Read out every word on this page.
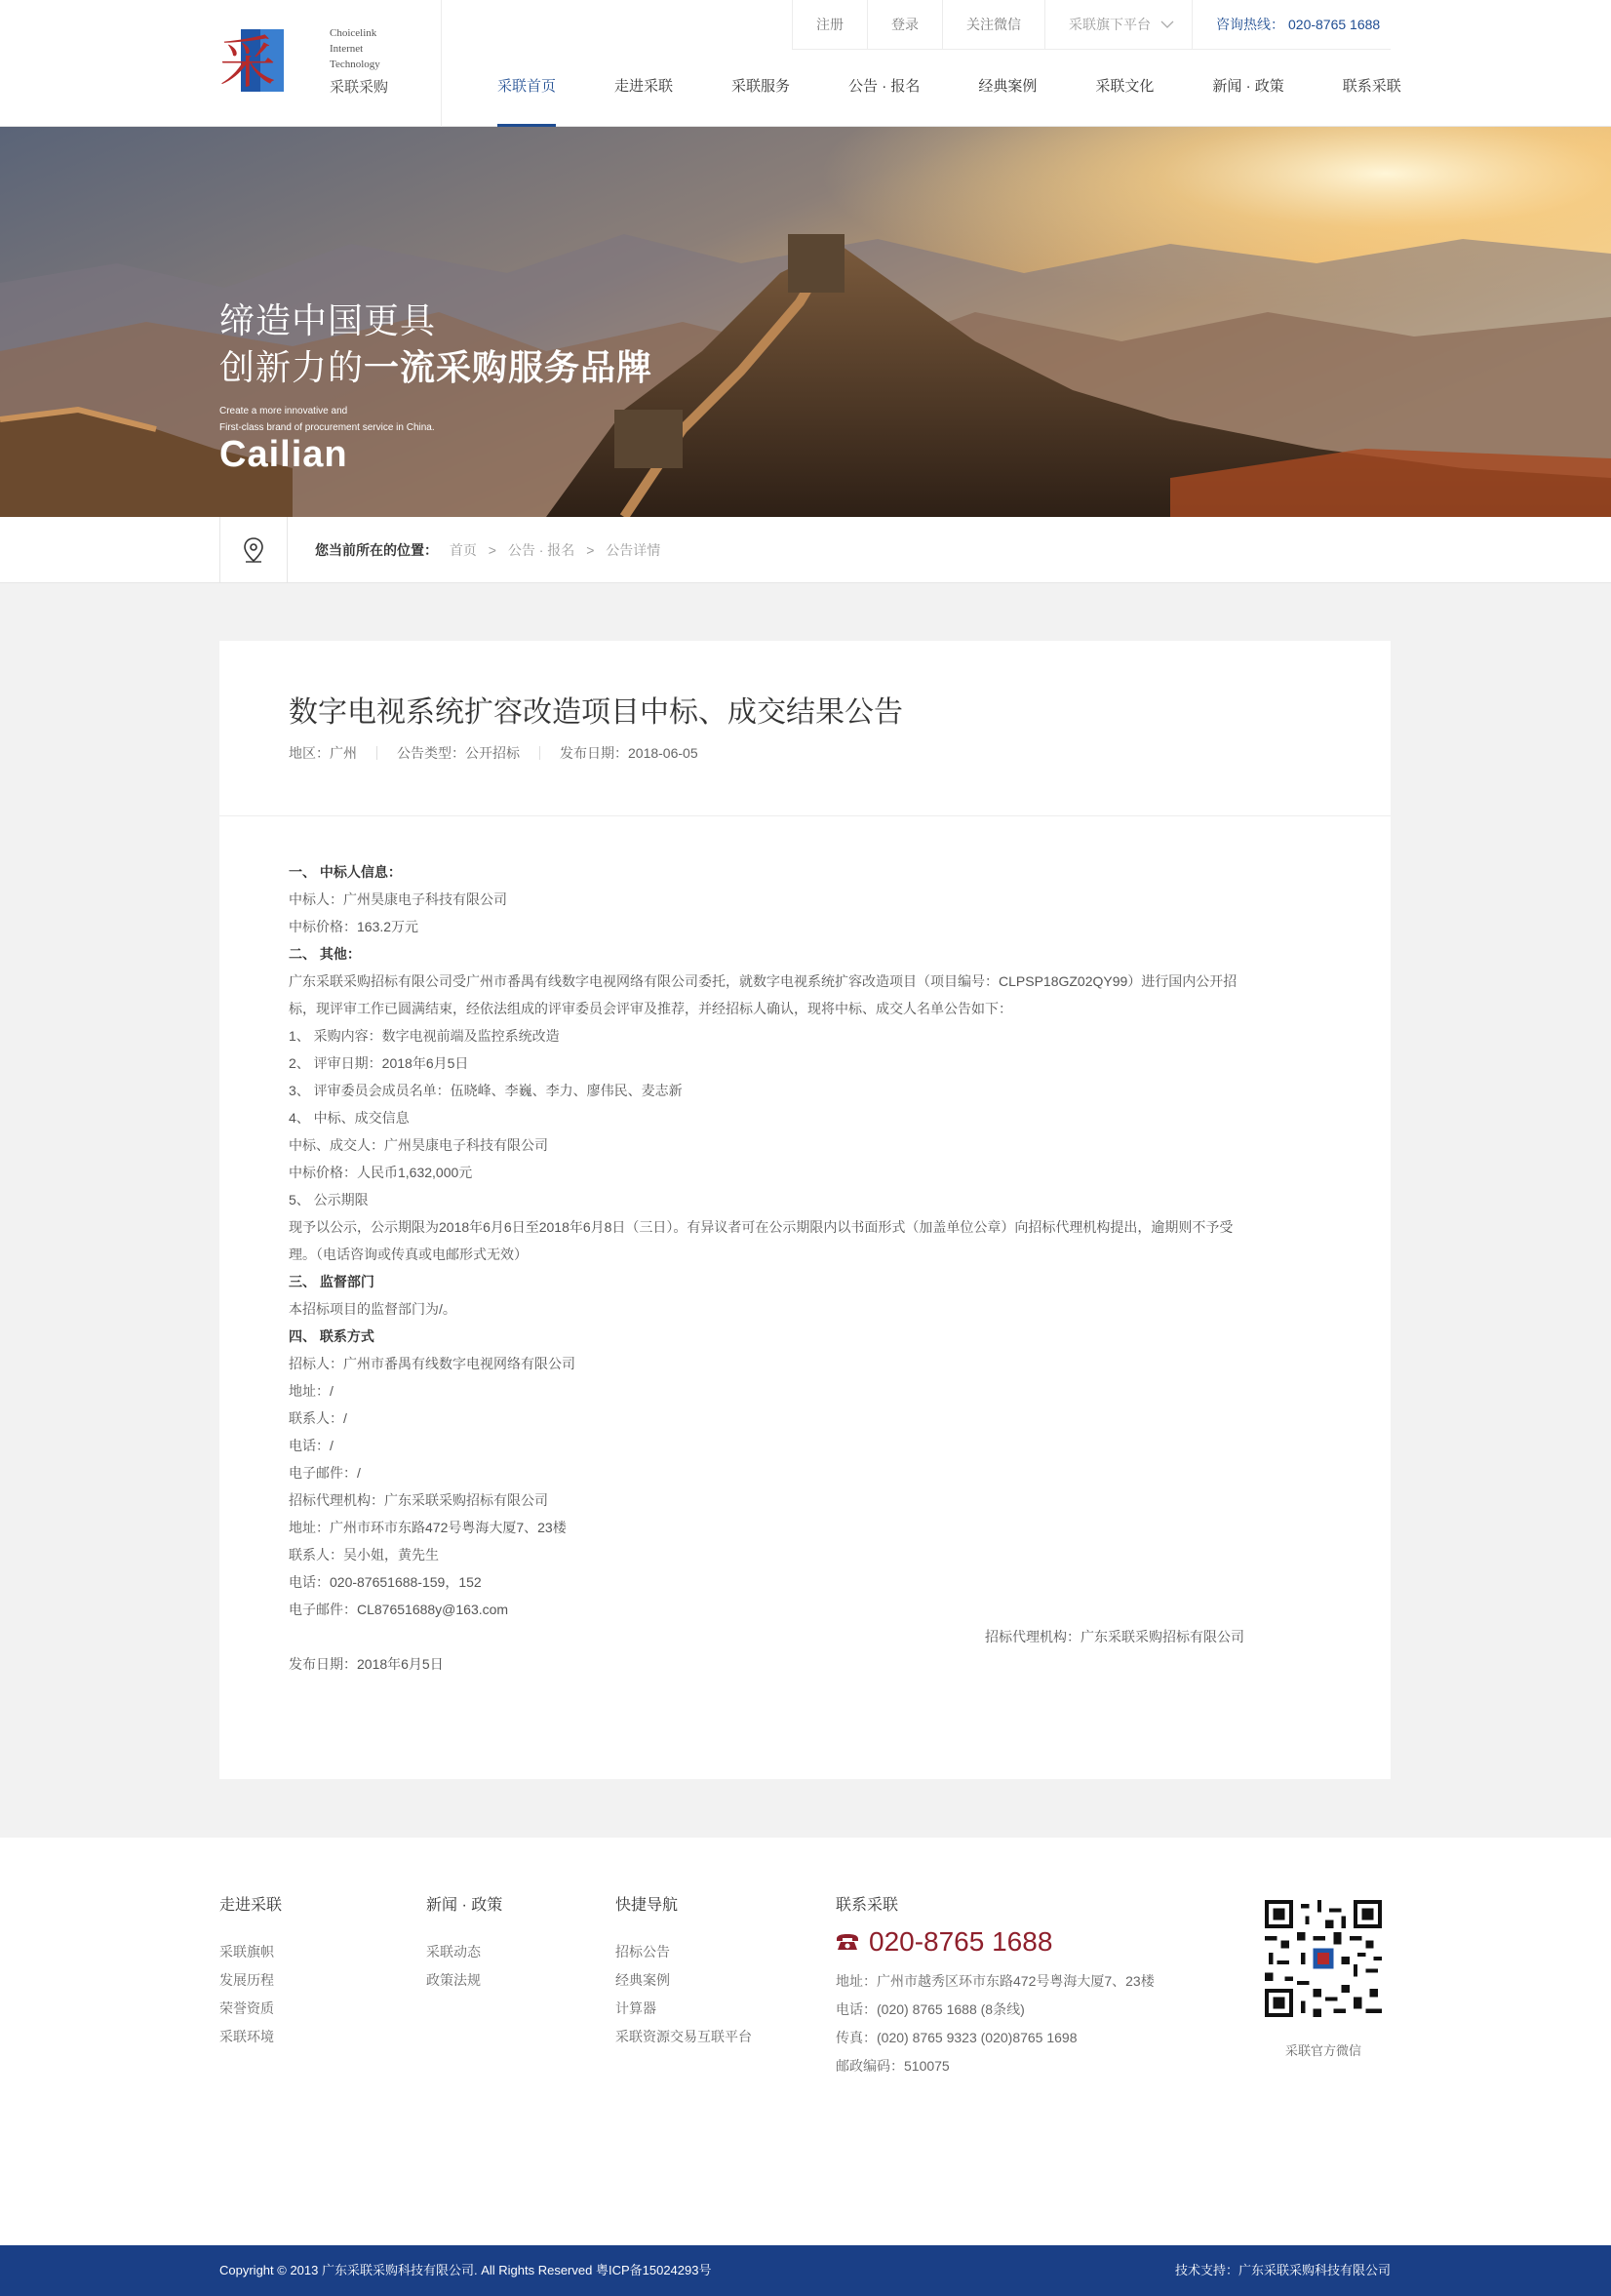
采	Choicelink
Internet
Technology
采联采购
注册	登录	关注微信	采联旗下平台	咨询热线： 020-8765 1688
采联首页	走进采联	采联服务	公告 · 报名	经典案例	采联文化	新闻 · 政策	联系采联
缔造中国更具
创新力的一流采购服务品牌
Create a more innovative and
First-class brand of procurement service in China.
Cailian
您当前所在的位置： 首页 > 公告 · 报名 > 公告详情
数字电视系统扩容改造项目中标、成交结果公告
地区：广州	公告类型：公开招标	发布日期：2018-06-05

一、 中标人信息：

中标人：广州昊康电子科技有限公司

中标价格：163.2万元

二、 其他：

广东采联采购招标有限公司受广州市番禺有线数字电视网络有限公司委托，就数字电视系统扩容改造项目（项目编号：CLPSP18GZ02QY99）进行国内公开招标，现评审工作已圆满结束，经依法组成的评审委员会评审及推荐，并经招标人确认，现将中标、成交人名单公告如下：

1、 采购内容：数字电视前端及监控系统改造

2、 评审日期：2018年6月5日

3、 评审委员会成员名单：伍晓峰、李巍、李力、廖伟民、麦志新

4、 中标、成交信息

中标、成交人：广州昊康电子科技有限公司

中标价格：人民币1,632,000元

5、 公示期限

现予以公示，公示期限为2018年6月6日至2018年6月8日（三日）。有异议者可在公示期限内以书面形式（加盖单位公章）向招标代理机构提出，逾期则不予受理。（电话咨询或传真或电邮形式无效）

三、 监督部门

本招标项目的监督部门为/。

四、 联系方式

招标人：广州市番禺有线数字电视网络有限公司

地址：/

联系人：/

电话：/

电子邮件：/

招标代理机构：广东采联采购招标有限公司

地址：广州市环市东路472号粤海大厦7、23楼

联系人：吴小姐，黄先生

电话：020-87651688-159，152

电子邮件：CL87651688y@163.com

招标代理机构：广东采联采购招标有限公司

发布日期：2018年6月5日

走进采联
采联旗帜
发展历程
荣誉资质
采联环境
新闻 · 政策
采联动态
政策法规
快捷导航
招标公告
经典案例
计算器
采联资源交易互联平台
联系采联
020-8765 1688

地址：广州市越秀区环市东路472号粤海大厦7、23楼

电话：(020) 8765 1688 (8条线)

传真：(020) 8765 9323 (020)8765 1698

邮政编码：510075

采联官方微信
Copyright © 2013 广东采联采购科技有限公司. All Rights Reserved 粤ICP备15024293号	技术支持：广东采联采购科技有限公司
